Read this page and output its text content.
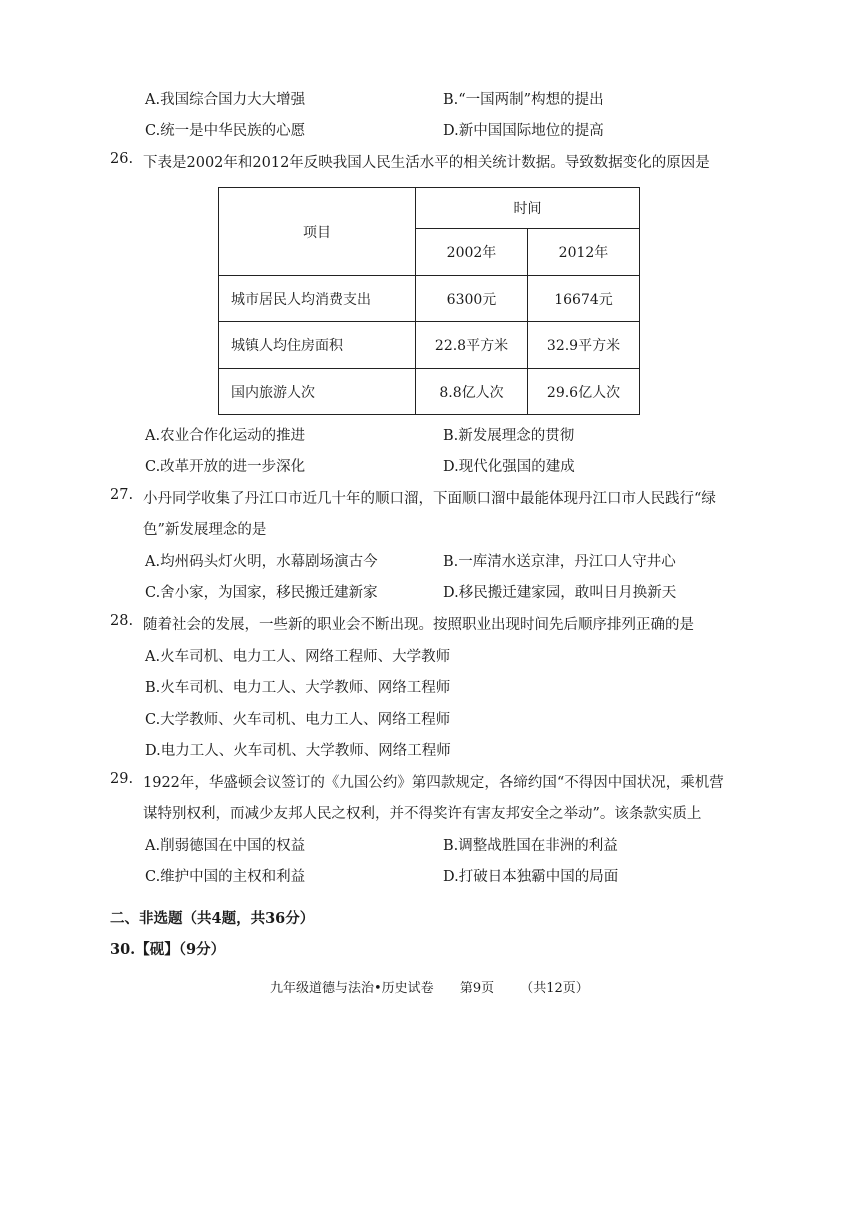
A.我国综合国力大大增强	B.“一国两制”构想的提出
C.统一是中华民族的心愿	D.新中国国际地位的提高
26. 下表是2002年和2012年反映我国人民生活水平的相关统计数据。导致数据变化的原因是
项目	时间	
	2002年	2012年
城市居民人均消费支出	6300元	16674元
城镇人均住房面积	22.8平方米	32.9平方米
国内旅游人次	8.8亿人次	29.6亿人次
A.农业合作化运动的推进	B.新发展理念的贯彻
C.改革开放的进一步深化	D.现代化强国的建成
27. 小丹同学收集了丹江口市近几十年的顺口溜，下面顺口溜中最能体现丹江口市人民践行“绿
色”新发展理念的是
A.均州码头灯火明，水幕剧场演古今	B.一库清水送京津，丹江口人守井心
C.舍小家，为国家，移民搬迁建新家	D.移民搬迁建家园，敢叫日月换新天
28. 随着社会的发展，一些新的职业会不断出现。按照职业出现时间先后顺序排列正确的是
A.火车司机、电力工人、网络工程师、大学教师
B.火车司机、电力工人、大学教师、网络工程师
C.大学教师、火车司机、电力工人、网络工程师
D.电力工人、火车司机、大学教师、网络工程师
29. 1922年，华盛顿会议签订的《九国公约》第四款规定，各缔约国“不得因中国状况，乘机营
谋特别权利，而减少友邦人民之权利，并不得奖许有害友邦安全之举动”。该条款实质上
A.削弱德国在中国的权益	B.调整战胜国在非洲的利益
C.维护中国的主权和利益	D.打破日本独霸中国的局面
二、非选题（共4题，共36分）
30.【砚】（9分）
九年级道德与法治•历史试卷 第9页 （共12页）
